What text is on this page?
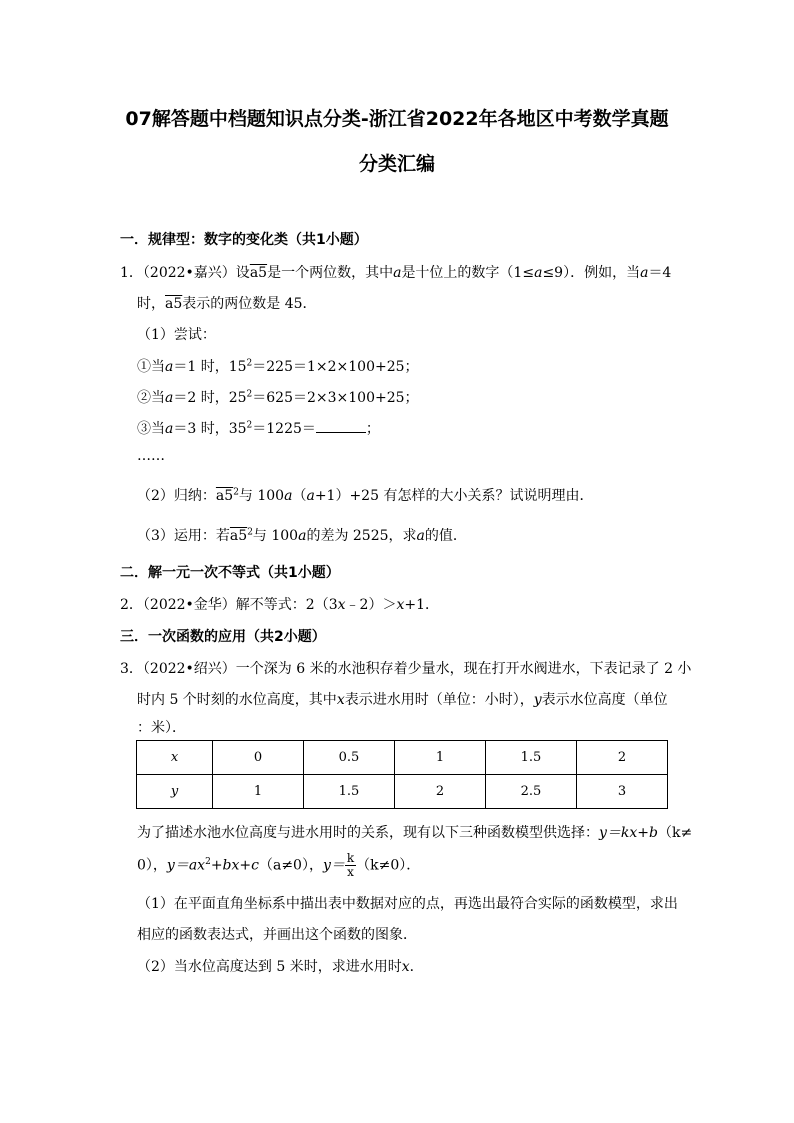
07解答题中档题知识点分类-浙江省2022年各地区中考数学真题
分类汇编
一．规律型：数字的变化类（共1小题）
1．（2022•嘉兴）设a5是一个两位数，其中a是十位上的数字（1≤a≤9）．例如，当a＝4
时，a5表示的两位数是 45．
（1）尝试：
①当a＝1 时，$15^2=225=1\times 2\times 100+25$；
②当a＝2 时，$25^2=625=2\times 3\times 100+25$；
③当a＝3 时，$35^2=1225=$	；
……
（2）归纳：$a5^2$与 100a（a+1）+25 有怎样的大小关系？试说明理由．
（3）运用：若$a5^2$与 100a的差为 2525，求a的值．
二．解一元一次不等式（共1小题）
2．（2022•金华）解不等式：2（3x﹣2）＞x+1．
三．一次函数的应用（共2小题）
3．（2022•绍兴）一个深为 6 米的水池积存着少量水，现在打开水阀进水，下表记录了 2 小
时内 5 个时刻的水位高度，其中x表示进水用时（单位：小时），y表示水位高度（单位
：米）．
x	0	0.5	1	1.5	2
y	1	1.5	2	2.5	3
为了描述水池水位高度与进水用时的关系，现有以下三种函数模型供选择：y＝kx+b（k≠
0），$y=ax^2+bx+c(a\ne 0)$，$y= \frac{k}{x} (k\ne 0)$．
（1）在平面直角坐标系中描出表中数据对应的点，再选出最符合实际的函数模型，求出
相应的函数表达式，并画出这个函数的图象．
（2）当水位高度达到 5 米时，求进水用时x．
